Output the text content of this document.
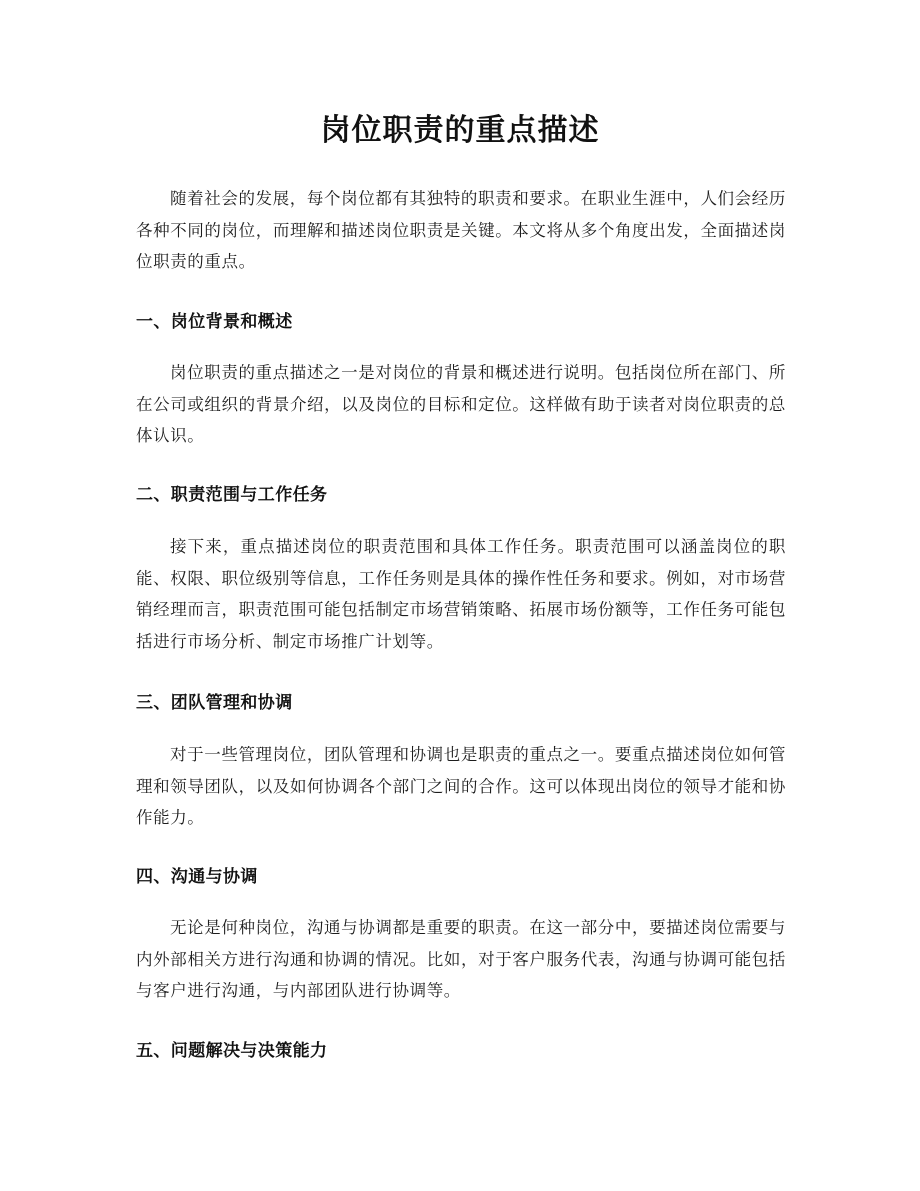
岗位职责的重点描述

随着社会的发展，每个岗位都有其独特的职责和要求。在职业生涯中，人们会经历各种不同的岗位，而理解和描述岗位职责是关键。本文将从多个角度出发，全面描述岗位职责的重点。

一、岗位背景和概述

岗位职责的重点描述之一是对岗位的背景和概述进行说明。包括岗位所在部门、所在公司或组织的背景介绍，以及岗位的目标和定位。这样做有助于读者对岗位职责的总体认识。

二、职责范围与工作任务

接下来，重点描述岗位的职责范围和具体工作任务。职责范围可以涵盖岗位的职能、权限、职位级别等信息，工作任务则是具体的操作性任务和要求。例如，对市场营销经理而言，职责范围可能包括制定市场营销策略、拓展市场份额等，工作任务可能包括进行市场分析、制定市场推广计划等。

三、团队管理和协调

对于一些管理岗位，团队管理和协调也是职责的重点之一。要重点描述岗位如何管理和领导团队，以及如何协调各个部门之间的合作。这可以体现出岗位的领导才能和协作能力。

四、沟通与协调

无论是何种岗位，沟通与协调都是重要的职责。在这一部分中，要描述岗位需要与内外部相关方进行沟通和协调的情况。比如，对于客户服务代表，沟通与协调可能包括与客户进行沟通，与内部团队进行协调等。

五、问题解决与决策能力
